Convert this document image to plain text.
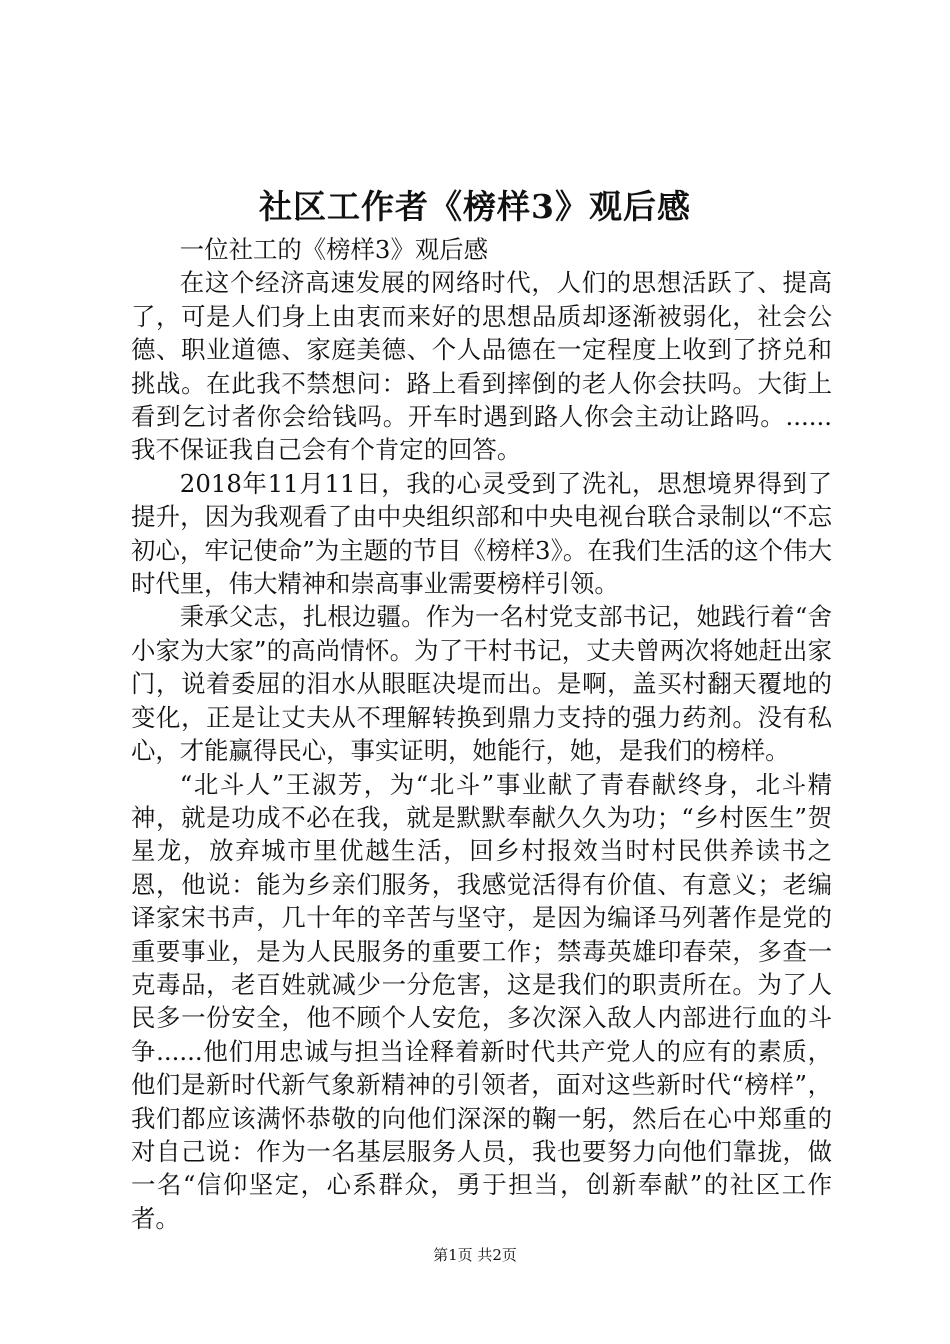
社区工作者《榜样3》观后感

一位社工的《榜样3》观后感

在这个经济高速发展的网络时代，人们的思想活跃了、提高了，可是人们身上由衷而来好的思想品质却逐渐被弱化，社会公德、职业道德、家庭美德、个人品德在一定程度上收到了挤兑和挑战。在此我不禁想问：路上看到摔倒的老人你会扶吗。大街上看到乞讨者你会给钱吗。开车时遇到路人你会主动让路吗。......我不保证我自己会有个肯定的回答。

2018年11月11日，我的心灵受到了洗礼，思想境界得到了提升，因为我观看了由中央组织部和中央电视台联合录制以“不忘初心，牢记使命”为主题的节目《榜样3》。在我们生活的这个伟大时代里，伟大精神和崇高事业需要榜样引领。

秉承父志，扎根边疆。作为一名村党支部书记，她践行着“舍小家为大家”的高尚情怀。为了干村书记，丈夫曾两次将她赶出家门，说着委屈的泪水从眼眶决堤而出。是啊，盖买村翻天覆地的变化，正是让丈夫从不理解转换到鼎力支持的强力药剂。没有私心，才能赢得民心，事实证明，她能行，她，是我们的榜样。

“北斗人”王淑芳，为“北斗”事业献了青春献终身，北斗精神，就是功成不必在我，就是默默奉献久久为功；“乡村医生”贺星龙，放弃城市里优越生活，回乡村报效当时村民供养读书之恩，他说：能为乡亲们服务，我感觉活得有价值、有意义；老编译家宋书声，几十年的辛苦与坚守，是因为编译马列著作是党的重要事业，是为人民服务的重要工作；禁毒英雄印春荣，多查一克毒品，老百姓就减少一分危害，这是我们的职责所在。为了人民多一份安全，他不顾个人安危，多次深入敌人内部进行血的斗争......他们用忠诚与担当诠释着新时代共产党人的应有的素质，他们是新时代新气象新精神的引领者，面对这些新时代“榜样”，我们都应该满怀恭敬的向他们深深的鞠一躬，然后在心中郑重的对自己说：作为一名基层服务人员，我也要努力向他们靠拢，做一名“信仰坚定，心系群众，勇于担当，创新奉献”的社区工作者。

第1页 共2页
